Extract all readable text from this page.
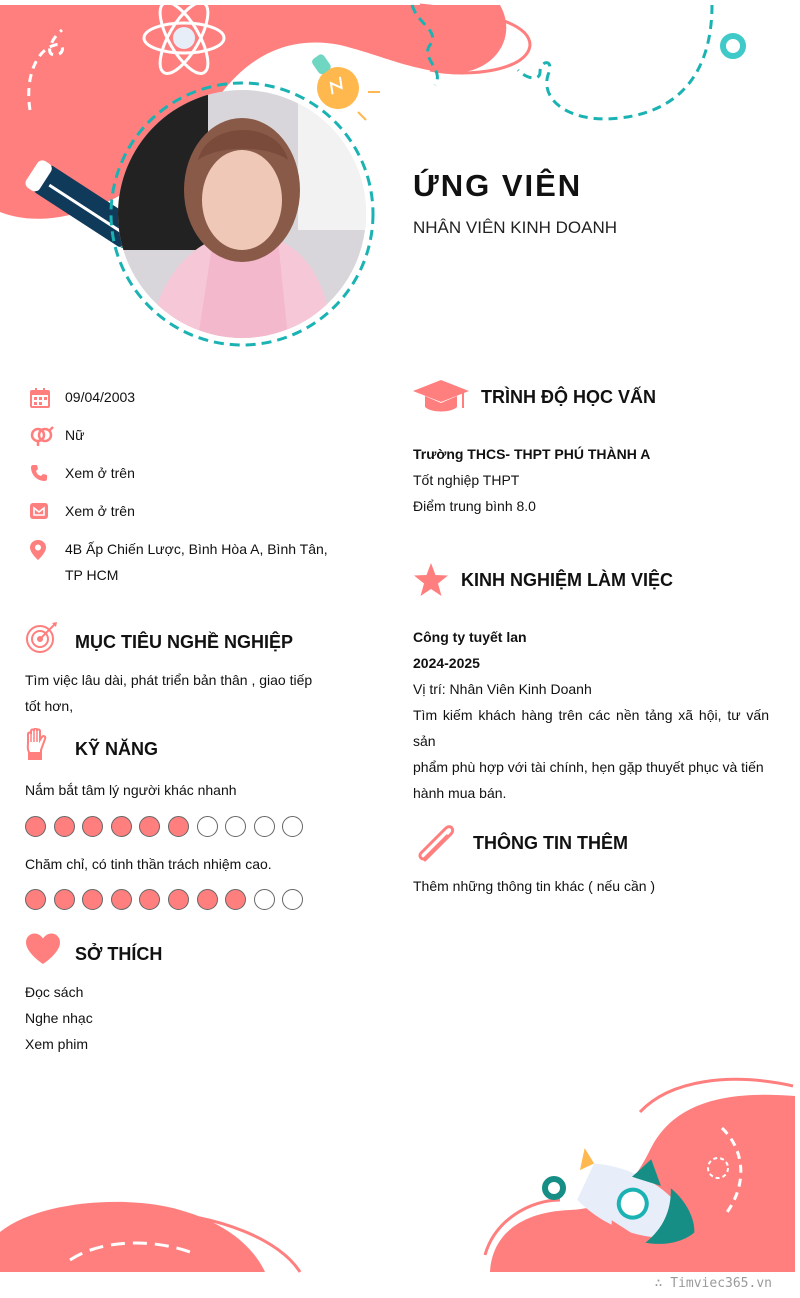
ỨNG VIÊN
NHÂN VIÊN KINH DOANH
09/04/2003
Nữ
Xem ở trên
Xem ở trên
4B Ấp Chiến Lược, Bình Hòa A, Bình Tân,
TP HCM
MỤC TIÊU NGHỀ NGHIỆP
Tìm việc lâu dài, phát triển bản thân , giao tiếp
tốt hơn,
KỸ NĂNG
Nắm bắt tâm lý người khác nhanh
Chăm chỉ, có tinh thần trách nhiệm cao.
SỞ THÍCH
Đọc sách
Nghe nhạc
Xem phim
TRÌNH ĐỘ HỌC VẤN
Trường THCS- THPT PHÚ THÀNH A
Tốt nghiệp THPT
Điểm trung bình 8.0
KINH NGHIỆM LÀM VIỆC
Công ty tuyết lan
2024-2025
Vị trí: Nhân Viên Kinh Doanh
Tìm kiếm khách hàng trên các nền tảng xã hội, tư vấn sản
phẩm phù hợp với tài chính, hẹn gặp thuyết phục và tiến
hành mua bán.
THÔNG TIN THÊM
Thêm những thông tin khác ( nếu cần )
∴ Timviec365.vn
